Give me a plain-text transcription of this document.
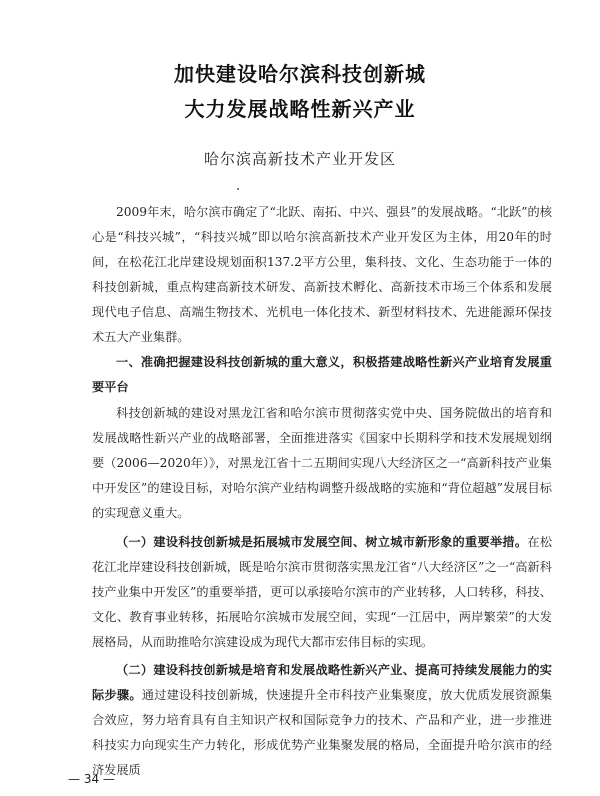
加快建设哈尔滨科技创新城
大力发展战略性新兴产业
哈尔滨高新技术产业开发区
2009年末，哈尔滨市确定了“北跃、南拓、中兴、强县”的发展战略。“北跃”的核心是“科技兴城”，“科技兴城”即以哈尔滨高新技术产业开发区为主体，用20年的时间，在松花江北岸建设规划面积137.2平方公里，集科技、文化、生态功能于一体的科技创新城，重点构建高新技术研发、高新技术孵化、高新技术市场三个体系和发展现代电子信息、高端生物技术、光机电一体化技术、新型材料技术、先进能源环保技术五大产业集群。
一、准确把握建设科技创新城的重大意义，积极搭建战略性新兴产业培育发展重要平台
科技创新城的建设对黑龙江省和哈尔滨市贯彻落实党中央、国务院做出的培育和发展战略性新兴产业的战略部署，全面推进落实《国家中长期科学和技术发展规划纲要（2006—2020年）》，对黑龙江省十二五期间实现八大经济区之一“高新科技产业集中开发区”的建设目标，对哈尔滨产业结构调整升级战略的实施和“背位超越”发展目标的实现意义重大。
（一）建设科技创新城是拓展城市发展空间、树立城市新形象的重要举措。在松花江北岸建设科技创新城，既是哈尔滨市贯彻落实黑龙江省“八大经济区”之一“高新科技产业集中开发区”的重要举措，更可以承接哈尔滨市的产业转移，人口转移，科技、文化、教育事业转移，拓展哈尔滨城市发展空间，实现“一江居中，两岸繁荣”的大发展格局，从而助推哈尔滨建设成为现代大都市宏伟目标的实现。
（二）建设科技创新城是培育和发展战略性新兴产业、提高可持续发展能力的实际步骤。通过建设科技创新城，快速提升全市科技产业集聚度，放大优质发展资源集合效应，努力培育具有自主知识产权和国际竞争力的技术、产品和产业，进一步推进科技实力向现实生产力转化，形成优势产业集聚发展的格局，全面提升哈尔滨市的经济发展质
— 34 —
